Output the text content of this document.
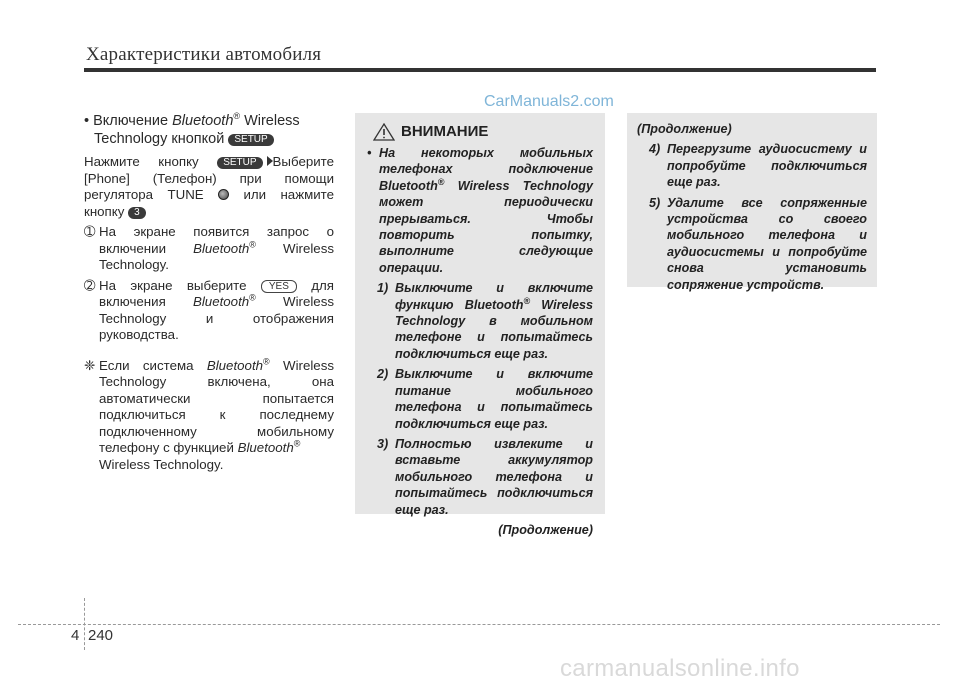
Характеристики автомобиля
CarManuals2.com
• Включение Bluetooth® Wireless
Technology кнопкой SETUP

Нажмите кнопку SETUP Выберите [Phone] (Телефон) при помощи регулятора TUNE  или нажмите кнопку 3

➀ На экране появится запрос о включении Bluetooth® Wireless Technology.
➁ На экране выберите YES для включения Bluetooth® Wireless Technology и отображения руководства.
❈ Если система Bluetooth® Wireless Technology включена, она автоматически попытается подключиться к последнему подключенному мобильному телефону с функцией Bluetooth®
Wireless Technology.
ВНИМАНИЕ
• На некоторых мобильных телефонах подключение Bluetooth® Wireless Technology может периодически прерываться. Чтобы повторить попытку, выполните следующие операции.
1) Выключите и включите функцию Bluetooth® Wireless Technology в мобильном телефоне и попытайтесь подключиться еще раз.
2) Выключите и включите питание мобильного телефона и попытайтесь подключиться еще раз.
3) Полностью извлеките и вставьте аккумулятор мобильного телефона и попытайтесь подключиться еще раз.
(Продолжение)
(Продолжение)
4) Перегрузите аудиосистему и попробуйте подключиться еще раз.
5) Удалите все сопряженные устройства со своего мобильного телефона и аудиосистемы и попробуйте снова установить сопряжение устройств.
4 240
carmanualsonline.info
